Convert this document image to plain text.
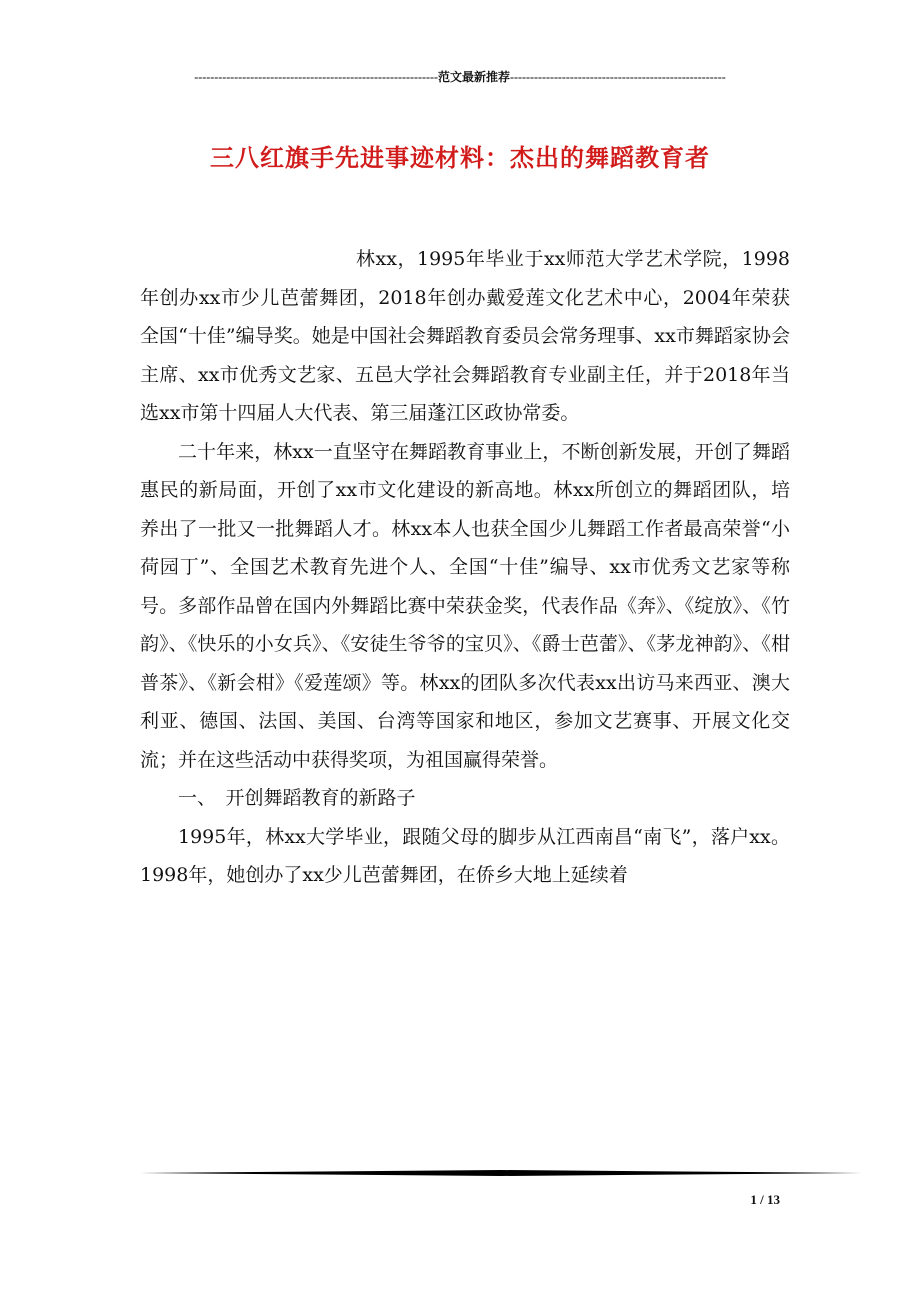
-------------------------------------------------------------范文最新推荐------------------------------------------------------
三八红旗手先进事迹材料：杰出的舞蹈教育者

林xx，1995年毕业于xx师范大学艺术学院，1998年创办xx市少儿芭蕾舞团，2018年创办戴爱莲文化艺术中心，2004年荣获全国“十佳”编导奖。她是中国社会舞蹈教育委员会常务理事、xx市舞蹈家协会主席、xx市优秀文艺家、五邑大学社会舞蹈教育专业副主任，并于2018年当选xx市第十四届人大代表、第三届蓬江区政协常委。

二十年来，林xx一直坚守在舞蹈教育事业上，不断创新发展，开创了舞蹈惠民的新局面，开创了xx市文化建设的新高地。林xx所创立的舞蹈团队，培养出了一批又一批舞蹈人才。林xx本人也获全国少儿舞蹈工作者最高荣誉“小荷园丁”、全国艺术教育先进个人、全国“十佳”编导、xx市优秀文艺家等称号。多部作品曾在国内外舞蹈比赛中荣获金奖，代表作品《奔》、《绽放》、《竹韵》、《快乐的小女兵》、《安徒生爷爷的宝贝》、《爵士芭蕾》、《茅龙神韵》、《柑普茶》、《新会柑》《爱莲颂》等。林xx的团队多次代表xx出访马来西亚、澳大利亚、德国、法国、美国、台湾等国家和地区，参加文艺赛事、开展文化交流；并在这些活动中获得奖项，为祖国赢得荣誉。

一、　开创舞蹈教育的新路子

1995年，林xx大学毕业，跟随父母的脚步从江西南昌“南飞”，落户xx。1998年，她创办了xx少儿芭蕾舞团，在侨乡大地上延续着

1 / 13
